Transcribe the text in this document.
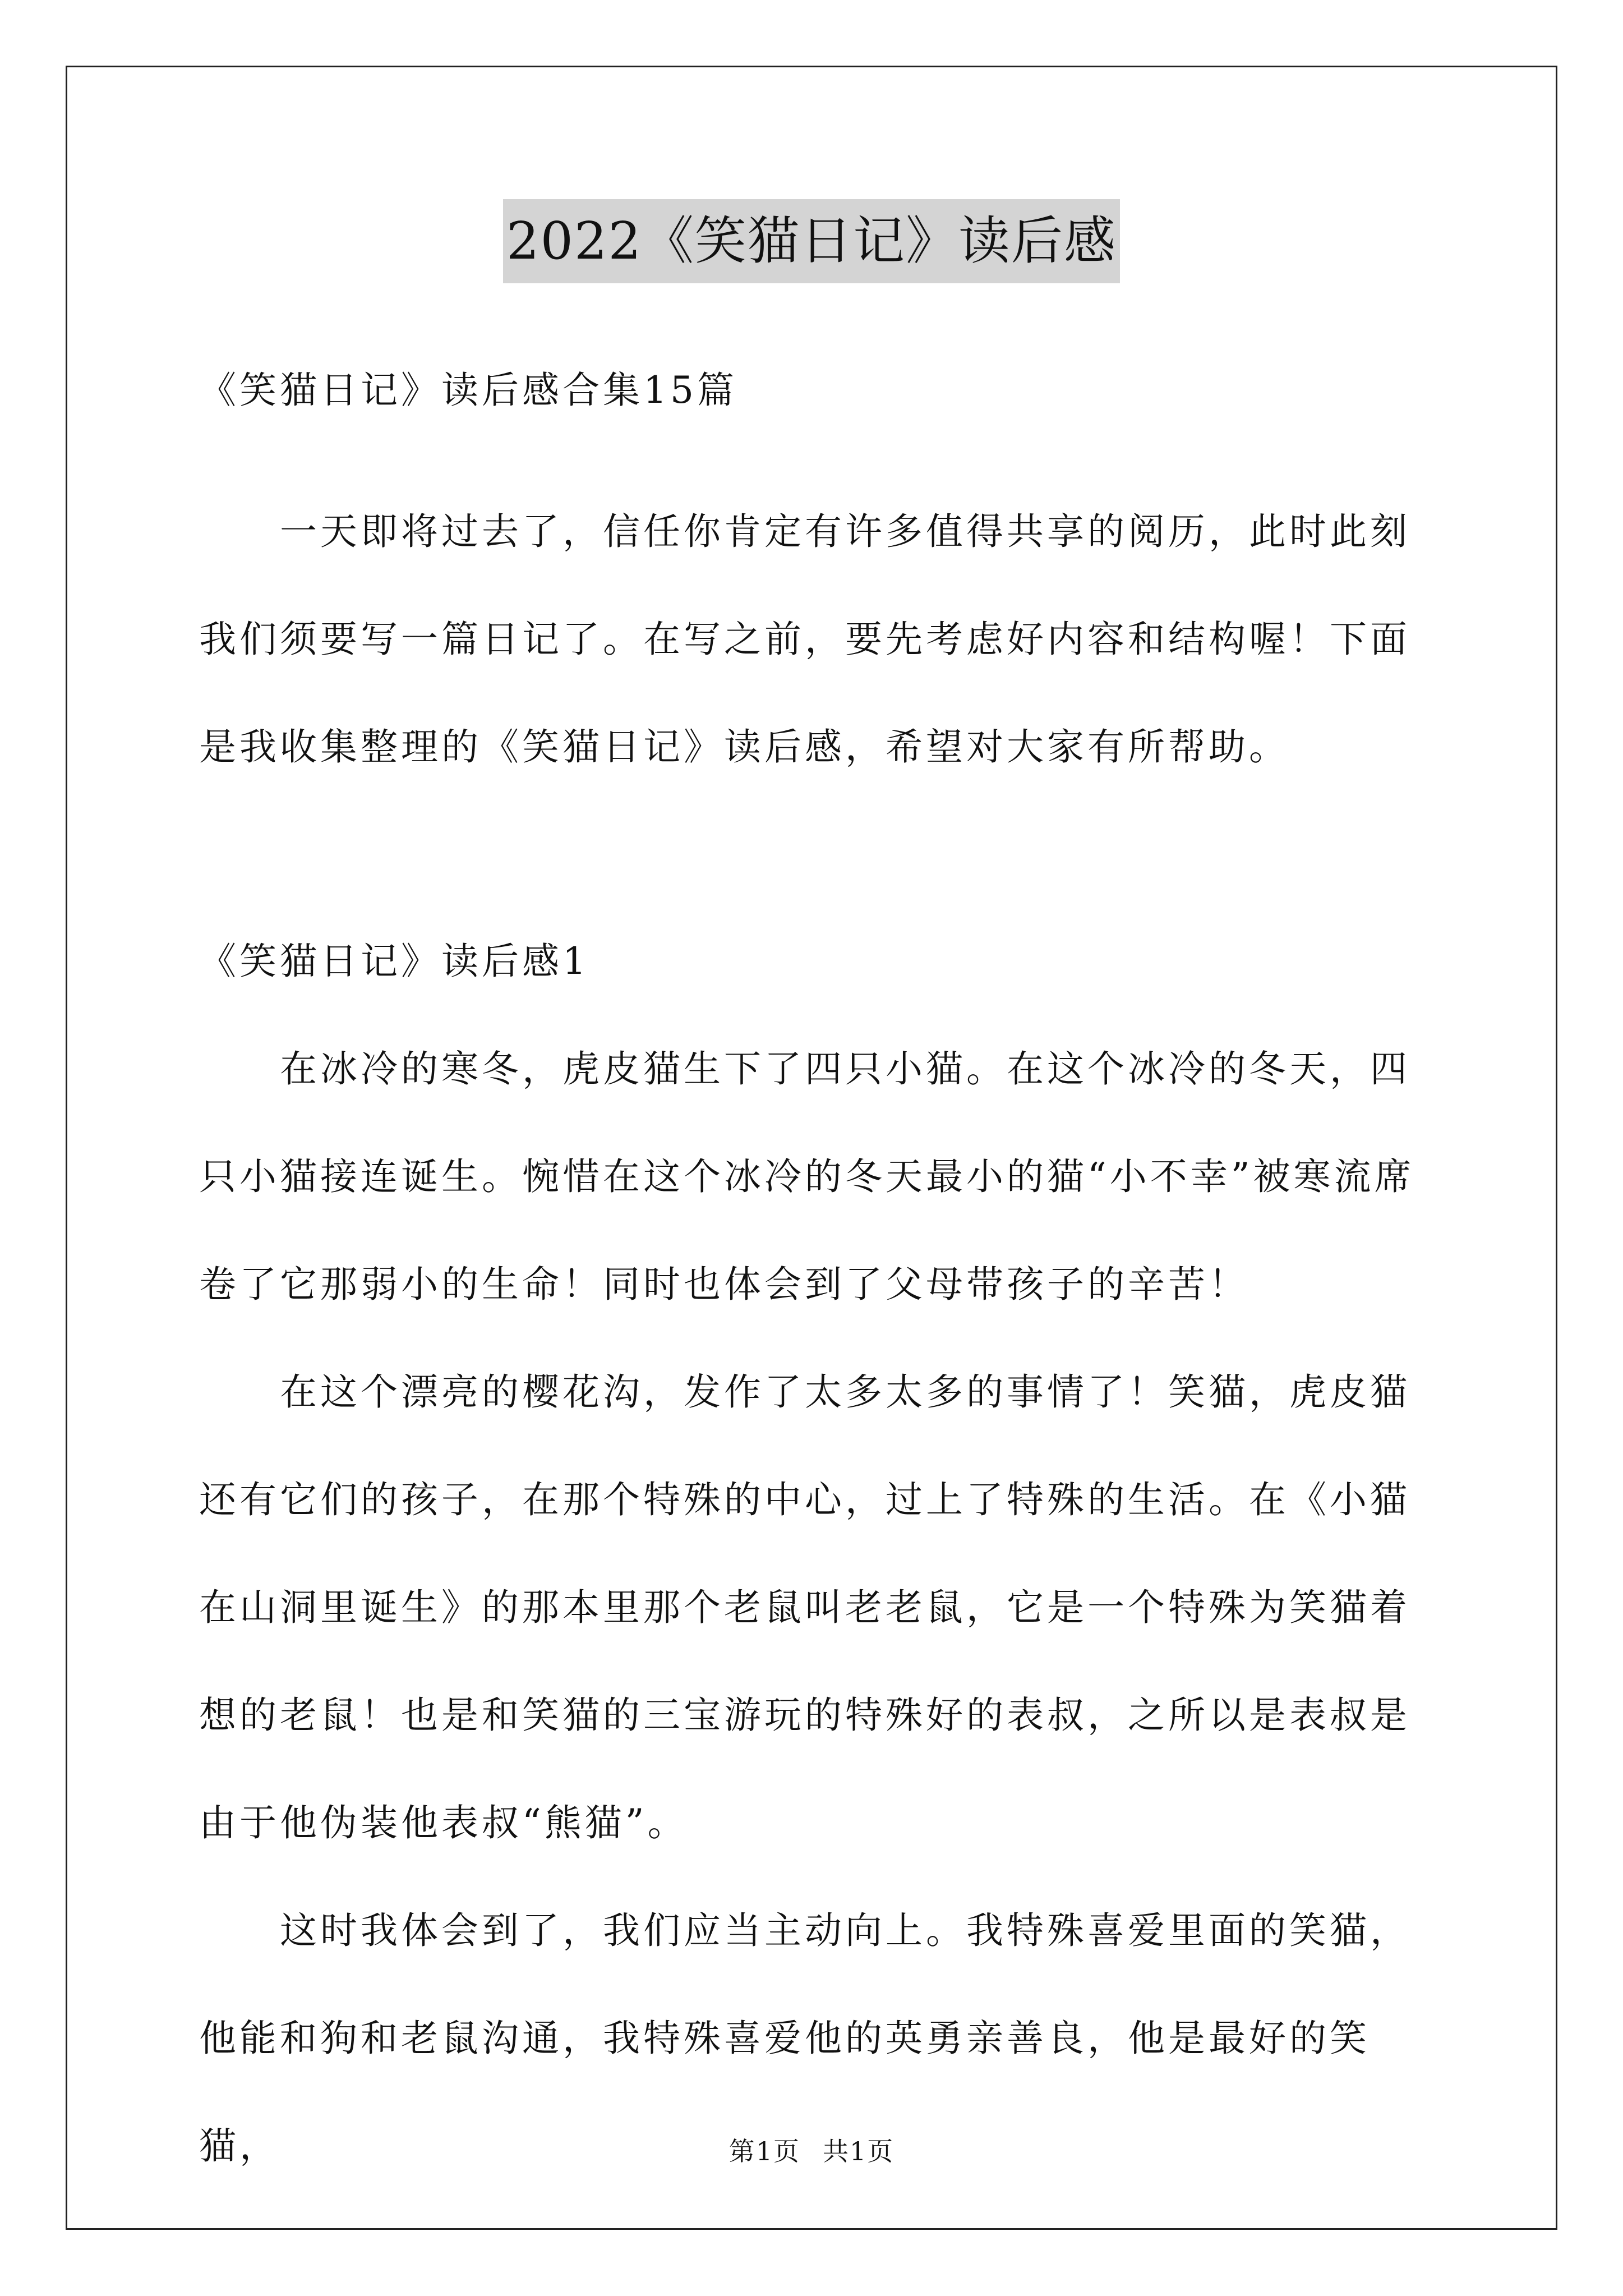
2022《笑猫日记》读后感

《笑猫日记》读后感合集15篇

一天即将过去了，信任你肯定有许多值得共享的阅历，此时此刻我们须要写一篇日记了。在写之前，要先考虑好内容和结构喔！下面是我收集整理的《笑猫日记》读后感，希望对大家有所帮助。

《笑猫日记》读后感1

在冰冷的寒冬，虎皮猫生下了四只小猫。在这个冰冷的冬天，四只小猫接连诞生。惋惜在这个冰冷的冬天最小的猫“小不幸”被寒流席卷了它那弱小的生命！同时也体会到了父母带孩子的辛苦！

在这个漂亮的樱花沟，发作了太多太多的事情了！笑猫，虎皮猫还有它们的孩子，在那个特殊的中心，过上了特殊的生活。在《小猫在山洞里诞生》的那本里那个老鼠叫老老鼠，它是一个特殊为笑猫着想的老鼠！也是和笑猫的三宝游玩的特殊好的表叔，之所以是表叔是由于他伪装他表叔“熊猫”。

这时我体会到了，我们应当主动向上。我特殊喜爱里面的笑猫，他能和狗和老鼠沟通，我特殊喜爱他的英勇亲善良，他是最好的笑猫，	第1页 共1页
